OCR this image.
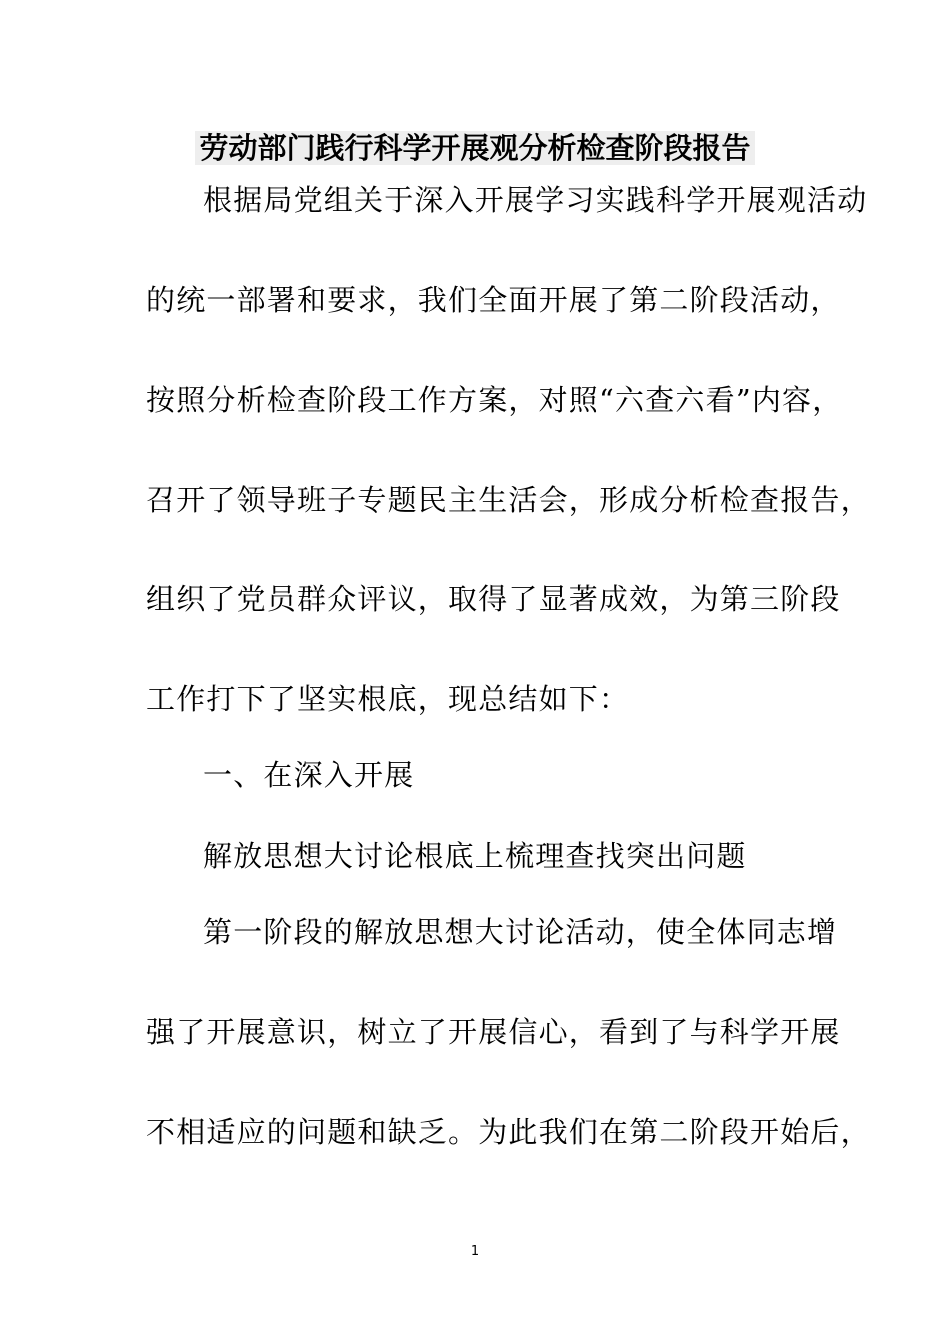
劳动部门践行科学开展观分析检查阶段报告
根据局党组关于深入开展学习实践科学开展观活动
的统一部署和要求，我们全面开展了第二阶段活动，
按照分析检查阶段工作方案，对照“六查六看”内容，
召开了领导班子专题民主生活会，形成分析检查报告，
组织了党员群众评议，取得了显著成效，为第三阶段
工作打下了坚实根底，现总结如下：
一、在深入开展
解放思想大讨论根底上梳理查找突出问题
第一阶段的解放思想大讨论活动，使全体同志增
强了开展意识，树立了开展信心，看到了与科学开展
不相适应的问题和缺乏。为此我们在第二阶段开始后，
1
